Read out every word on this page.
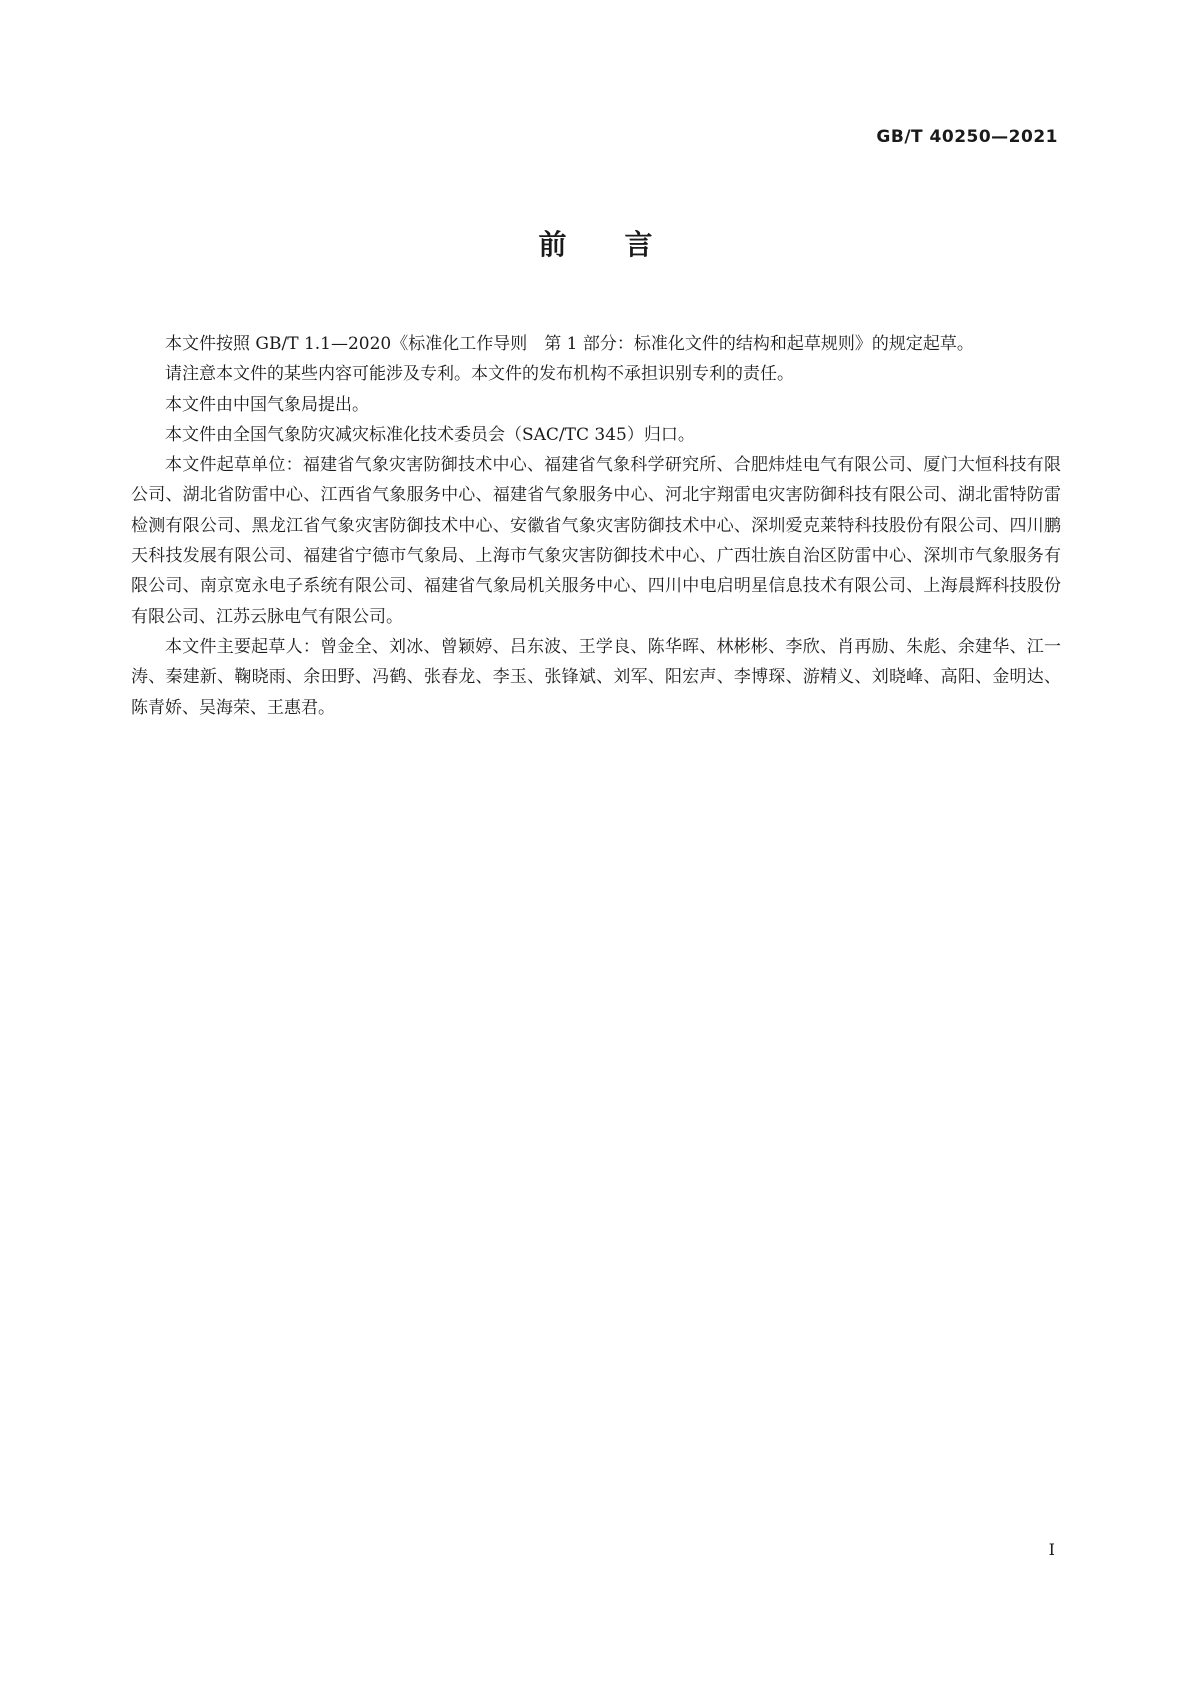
GB/T 40250—2021
前 言

本文件按照 GB/T 1.1—2020《标准化工作导则　第 1 部分：标准化文件的结构和起草规则》的规定起草。

请注意本文件的某些内容可能涉及专利。本文件的发布机构不承担识别专利的责任。

本文件由中国气象局提出。

本文件由全国气象防灾减灾标准化技术委员会（SAC/TC 345）归口。

本文件起草单位：福建省气象灾害防御技术中心、福建省气象科学研究所、合肥炜烓电气有限公司、厦门大恒科技有限公司、湖北省防雷中心、江西省气象服务中心、福建省气象服务中心、河北宇翔雷电灾害防御科技有限公司、湖北雷特防雷检测有限公司、黑龙江省气象灾害防御技术中心、安徽省气象灾害防御技术中心、深圳爱克莱特科技股份有限公司、四川鹏天科技发展有限公司、福建省宁德市气象局、上海市气象灾害防御技术中心、广西壮族自治区防雷中心、深圳市气象服务有限公司、南京宽永电子系统有限公司、福建省气象局机关服务中心、四川中电启明星信息技术有限公司、上海晨辉科技股份有限公司、江苏云脉电气有限公司。

本文件主要起草人：曾金全、刘冰、曾颖婷、吕东波、王学良、陈华晖、林彬彬、李欣、肖再励、朱彪、余建华、江一涛、秦建新、鞠晓雨、余田野、冯鹤、张春龙、李玉、张锋斌、刘军、阳宏声、李博琛、游精义、刘晓峰、高阳、金明达、陈青娇、吴海荣、王惠君。

I
